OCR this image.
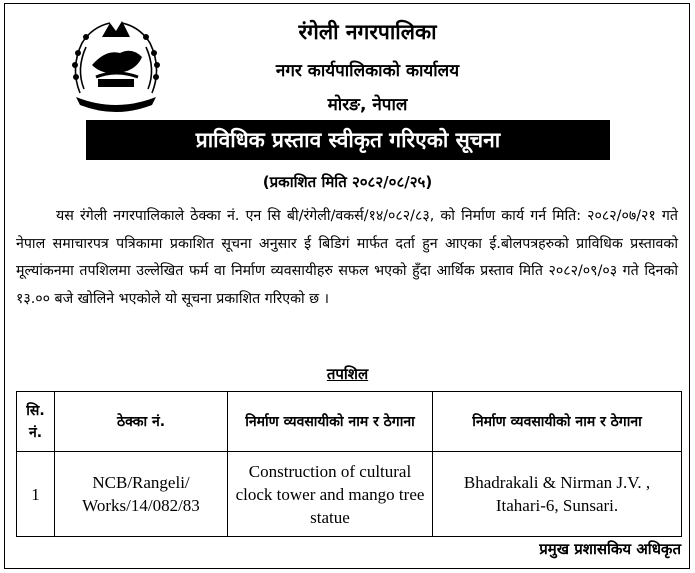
रंगेली नगरपालिका
नगर कार्यपालिकाको कार्यालय
मोरङ, नेपाल
प्राविधिक प्रस्ताव स्वीकृत गरिएको सूचना
(प्रकाशित मिति २०८२/०८/२५)
यस रंगेली नगरपालिकाले ठेक्का नं. एन सि बी/रंगेली/वकर्स/१४/०८२/८३, को निर्माण कार्य गर्न मिति: २०८२/०७/२१ गते नेपाल समाचारपत्र पत्रिकामा प्रकाशित सूचना अनुसार ई बिडिगं मार्फत दर्ता हुन आएका ई.बोलपत्रहरुको प्राविधिक प्रस्तावको मूल्यांकनमा तपशिलमा उल्लेखित फर्म वा निर्माण व्यवसायीहरु सफल भएको हुँदा आर्थिक प्रस्ताव मिति २०८२/०९/०३ गते दिनको १३.०० बजे खोलिने भएकोले यो सूचना प्रकाशित गरिएको छ ।
तपशिल
सि. नं.	ठेक्का नं.	निर्माण व्यवसायीको नाम र ठेगाना	निर्माण व्यवसायीको नाम र ठेगाना
1	NCB/Rangeli/ Works/14/082/83	Construction of cultural clock tower and mango tree statue	Bhadrakali & Nirman J.V. , Itahari-6, Sunsari.
प्रमुख प्रशासकिय अधिकृत
